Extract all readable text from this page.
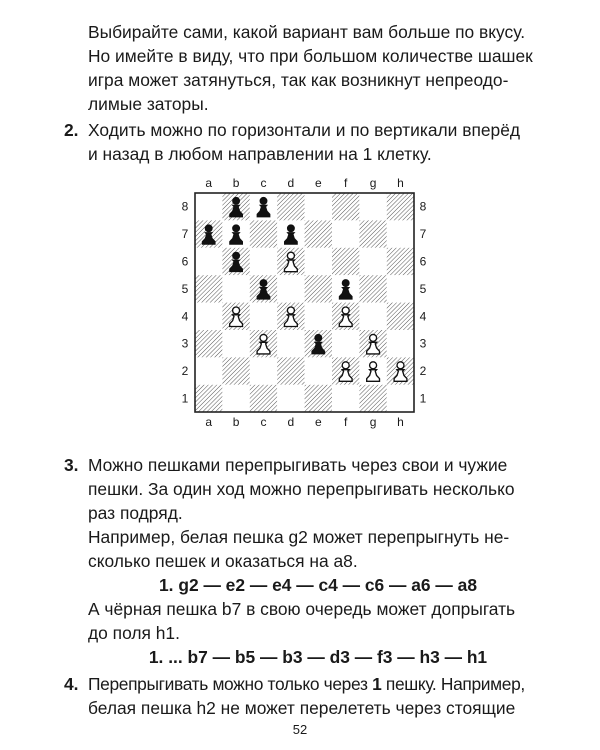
Выбирайте сами, какой вариант вам больше по вкусу.
Но имейте в виду, что при большом количестве шашек
игра может затянуться, так как возникнут непреодо-
лимые заторы.
2. Ходить можно по горизонтали и по вертикали вперёд
и назад в любом направлении на 1 клетку.
a
a
b
b
c
c
d
d
e
e
f
f
g
g
h
h
8	8
7	7
6	6
5	5
4	4
3	3
2	2
1	1
3. Можно пешками перепрыгивать через свои и чужие
пешки. За один ход можно перепрыгивать несколько
раз подряд.
Например, белая пешка g2 может перепрыгнуть не-
сколько пешек и оказаться на а8.
1. g2 — e2 — e4 — c4 — c6 — a6 — a8
А чёрная пешка b7 в свою очередь может допрыгать
до поля h1.
1. ... b7 — b5 — b3 — d3 — f3 — h3 — h1
4. Перепрыгивать можно только через 1 пешку. Например,
белая пешка h2 не может перелететь через стоящие
52
